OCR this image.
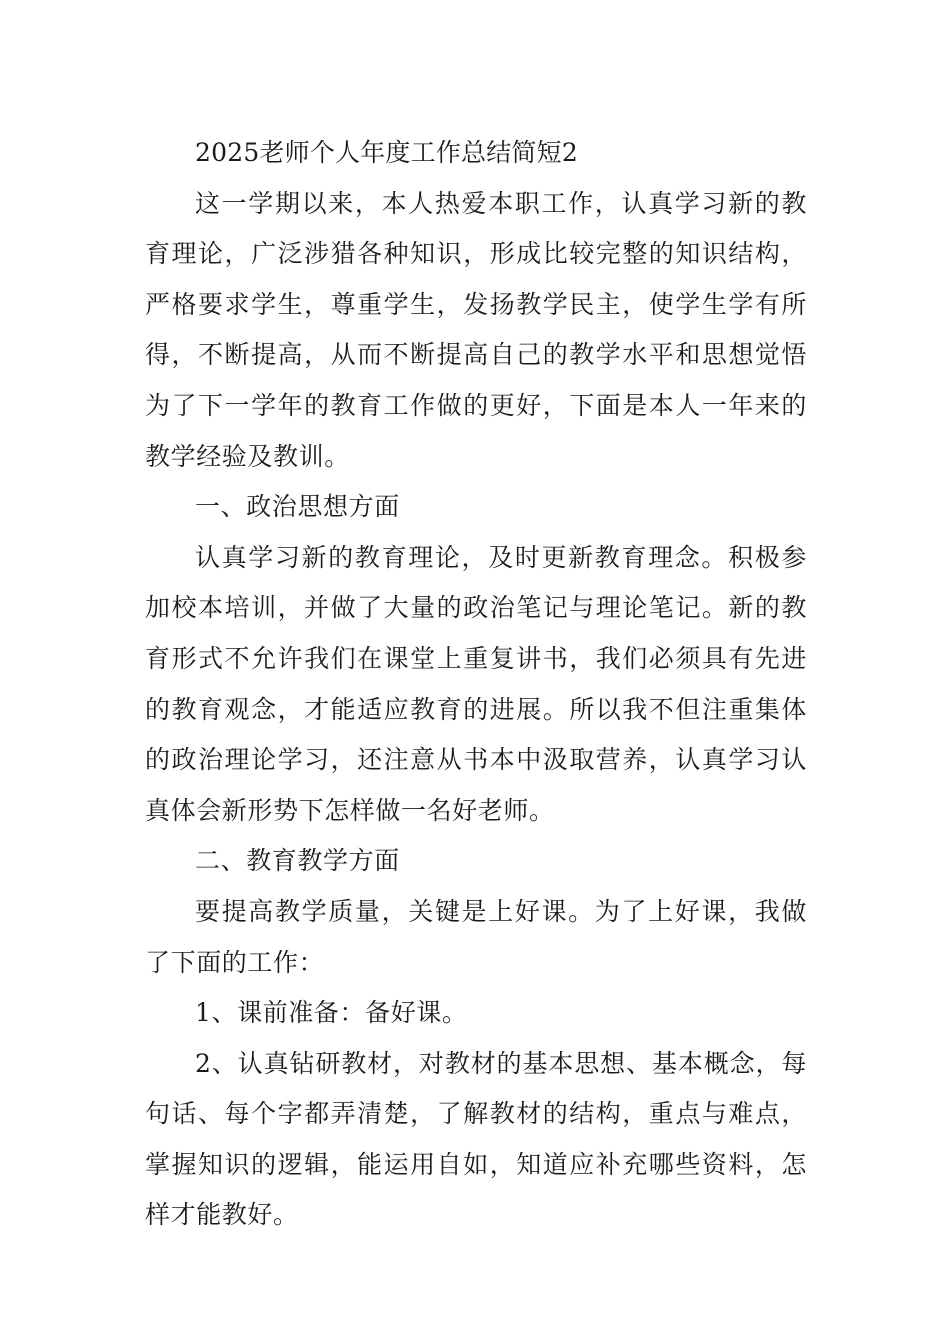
2025老师个人年度工作总结简短2

这一学期以来，本人热爱本职工作，认真学习新的教育理论，广泛涉猎各种知识，形成比较完整的知识结构，严格要求学生，尊重学生，发扬教学民主，使学生学有所得，不断提高，从而不断提高自己的教学水平和思想觉悟为了下一学年的教育工作做的更好，下面是本人一年来的教学经验及教训。

一、政治思想方面

认真学习新的教育理论，及时更新教育理念。积极参加校本培训，并做了大量的政治笔记与理论笔记。新的教育形式不允许我们在课堂上重复讲书，我们必须具有先进的教育观念，才能适应教育的进展。所以我不但注重集体的政治理论学习，还注意从书本中汲取营养，认真学习认真体会新形势下怎样做一名好老师。

二、教育教学方面

要提高教学质量，关键是上好课。为了上好课，我做了下面的工作：

1、课前准备：备好课。

2、认真钻研教材，对教材的基本思想、基本概念，每句话、每个字都弄清楚，了解教材的结构，重点与难点，掌握知识的逻辑，能运用自如，知道应补充哪些资料，怎样才能教好。
